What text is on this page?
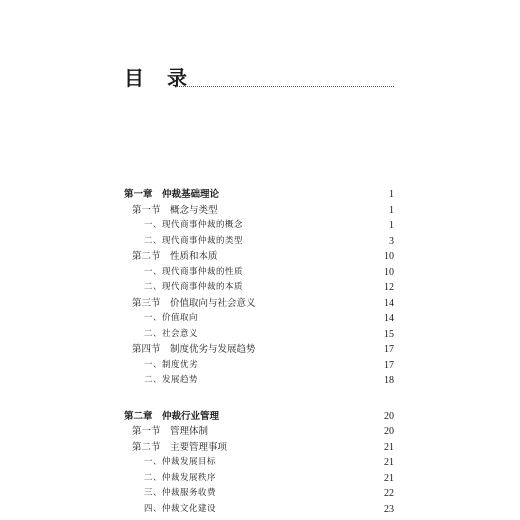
目 录
第一章　仲裁基础理论	1
第一节　概念与类型	1
一、现代商事仲裁的概念	1
二、现代商事仲裁的类型	3
第二节　性质和本质	10
一、现代商事仲裁的性质	10
二、现代商事仲裁的本质	12
第三节　价值取向与社会意义	14
一、价值取向	14
二、社会意义	15
第四节　制度优劣与发展趋势	17
一、制度优劣	17
二、发展趋势	18
第二章　仲裁行业管理	20
第一节　管理体制	20
第二节　主要管理事项	21
一、仲裁发展目标	21
二、仲裁发展秩序	21
三、仲裁服务收费	22
四、仲裁文化建设	23
